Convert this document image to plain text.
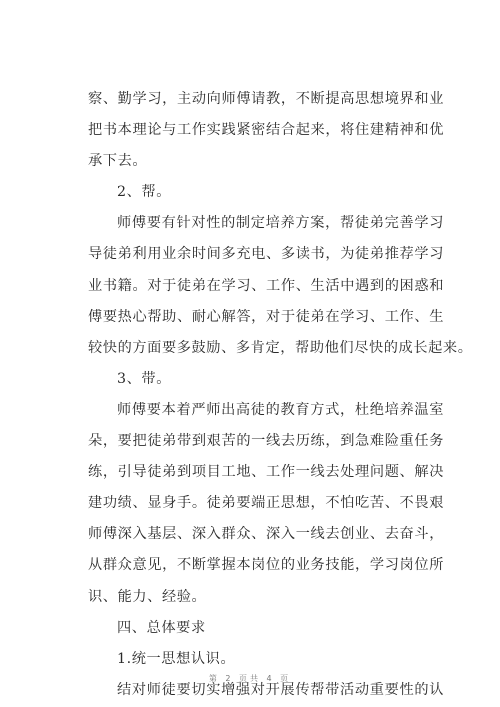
察、勤学习，主动向师傅请教，不断提高思想境界和业
把书本理论与工作实践紧密结合起来，将住建精神和优
承下去。
2、帮。
师傅要有针对性的制定培养方案，帮徒弟完善学习
导徒弟利用业余时间多充电、多读书，为徒弟推荐学习
业书籍。对于徒弟在学习、工作、生活中遇到的困惑和
傅要热心帮助、耐心解答，对于徒弟在学习、工作、生
较快的方面要多鼓励、多肯定，帮助他们尽快的成长起来。
3、带。
师傅要本着严师出高徒的教育方式，杜绝培养温室
朵，要把徒弟带到艰苦的一线去历练，到急难险重任务
练，引导徒弟到项目工地、工作一线去处理问题、解决
建功绩、显身手。徒弟要端正思想，不怕吃苦、不畏艰
师傅深入基层、深入群众、深入一线去创业、去奋斗，
从群众意见，不断掌握本岗位的业务技能，学习岗位所
识、能力、经验。
四、总体要求
1.统一思想认识。
结对师徒要切实增强对开展传帮带活动重要性的认
第 2 页共 4 页
